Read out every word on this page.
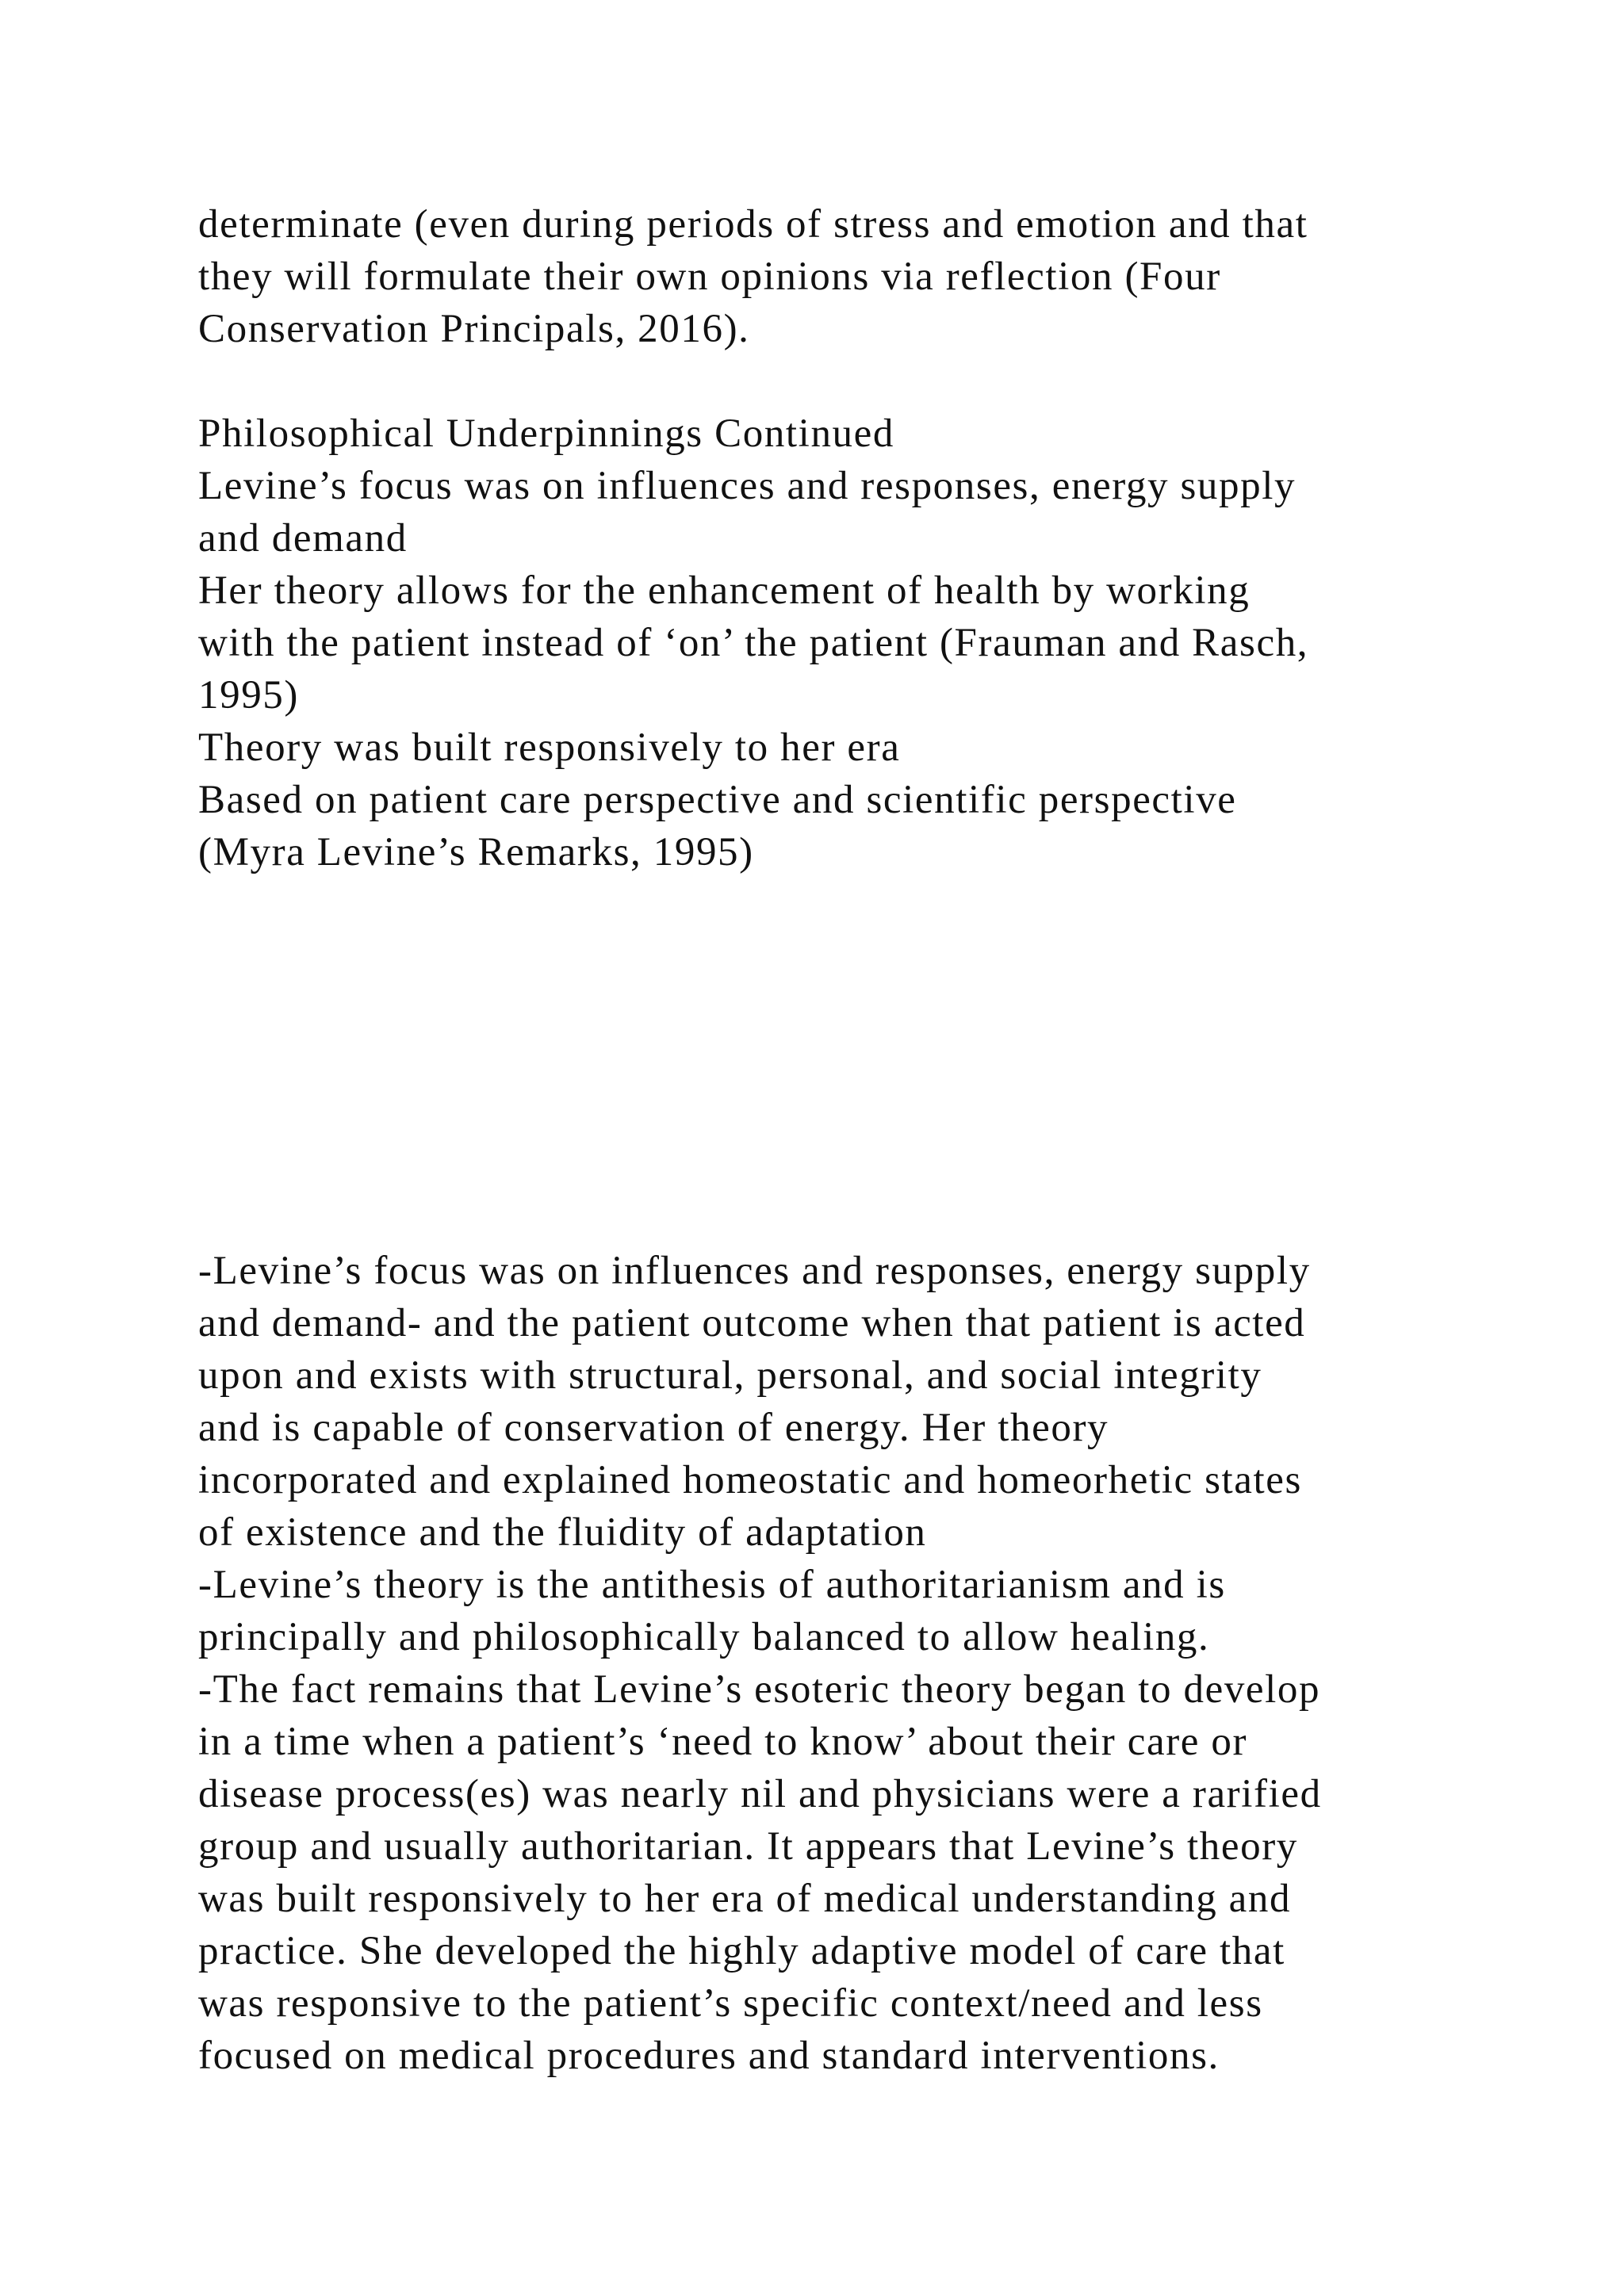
determinate (even during periods of stress and emotion and that
they will formulate their own opinions via reflection (Four
Conservation Principals, 2016).
Philosophical Underpinnings Continued
Levine’s focus was on influences and responses, energy supply
and demand
Her theory allows for the enhancement of health by working
with the patient instead of ‘on’ the patient (Frauman and Rasch,
1995)
Theory was built responsively to her era
Based on patient care perspective and scientific perspective
(Myra Levine’s Remarks, 1995)
-Levine’s focus was on influences and responses, energy supply
and demand- and the patient outcome when that patient is acted
upon and exists with structural, personal, and social integrity
and is capable of conservation of energy. Her theory
incorporated and explained homeostatic and homeorhetic states
of existence and the fluidity of adaptation
-Levine’s theory is the antithesis of authoritarianism and is
principally and philosophically balanced to allow healing.
-The fact remains that Levine’s esoteric theory began to develop
in a time when a patient’s ‘need to know’ about their care or
disease process(es) was nearly nil and physicians were a rarified
group and usually authoritarian. It appears that Levine’s theory
was built responsively to her era of medical understanding and
practice. She developed the highly adaptive model of care that
was responsive to the patient’s specific context/need and less
focused on medical procedures and standard interventions.
